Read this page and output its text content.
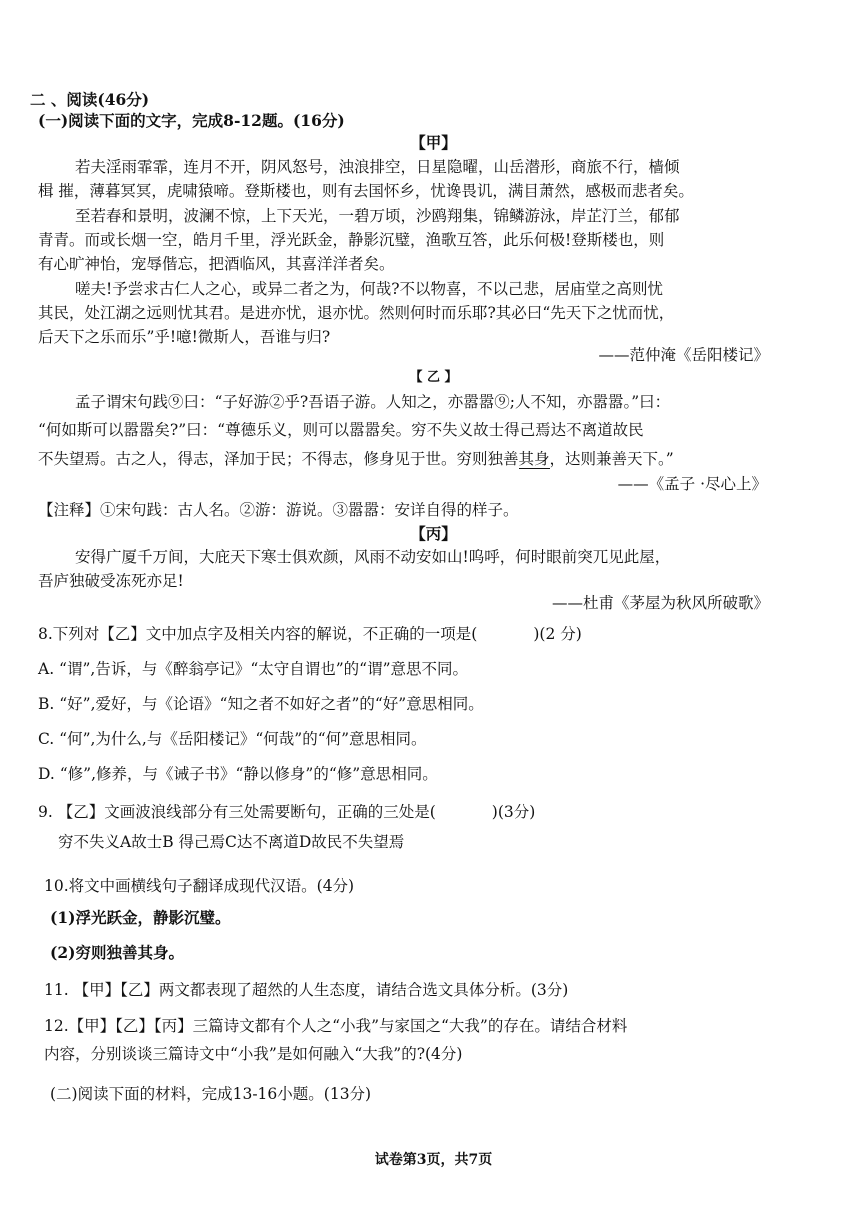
二 、阅读(46分)
(一)阅读下面的文字，完成8-12题。(16分)
【甲】
若夫淫雨霏霏，连月不开，阴风怒号，浊浪排空，日星隐曜，山岳潜形，商旅不行，樯倾
楫 摧，薄暮冥冥，虎啸猿啼。登斯楼也，则有去国怀乡，忧谗畏讥，满目萧然，感极而悲者矣。
至若春和景明，波澜不惊，上下天光，一碧万顷，沙鸥翔集，锦鳞游泳，岸芷汀兰，郁郁
青青。而或长烟一空，皓月千里，浮光跃金，静影沉璧，渔歌互答，此乐何极!登斯楼也，则
有心旷神怡，宠辱偕忘，把酒临风，其喜洋洋者矣。
嗟夫!予尝求古仁人之心，或异二者之为，何哉?不以物喜，不以己悲，居庙堂之高则忧
其民，处江湖之远则忧其君。是进亦忧，退亦忧。然则何时而乐耶?其必曰“先天下之忧而忧，
后天下之乐而乐”乎!噫!微斯人，吾谁与归?
——范仲淹《岳阳楼记》
【 乙 】
孟子谓宋句践⑨曰：“子好游②乎?吾语子游。人知之，亦嚣嚣⑨;人不知，亦嚣嚣。”曰：
“何如斯可以嚣嚣矣?”曰：“尊德乐义，则可以嚣嚣矣。穷不失义故士得己焉达不离道故民
不失望焉。古之人，得志，泽加于民；不得志，修身见于世。穷则独善其身，达则兼善天下。”
——《孟子 ·尽心上》
【注释】①宋句践：古人名。②游：游说。③嚣嚣：安详自得的样子。
【丙】
安得广厦千万间，大庇天下寒士俱欢颜，风雨不动安如山!呜呼，何时眼前突兀见此屋，
吾庐独破受冻死亦足!
——杜甫《茅屋为秋风所破歌》
8.下列对【乙】文中加点字及相关内容的解说，不正确的一项是(	)(2 分)
A. “谓”,告诉，与《醉翁亭记》“太守自谓也”的“谓”意思不同。
B. “好”,爱好，与《论语》“知之者不如好之者”的“好”意思相同。
C. “何”,为什么,与《岳阳楼记》“何哉”的“何”意思相同。
D. “修”,修养，与《诫子书》“静以修身”的“修”意思相同。
9. 【乙】文画波浪线部分有三处需要断句，正确的三处是(	)(3分)
穷不失义A故士B 得己焉C达不离道D故民不失望焉
10.将文中画横线句子翻译成现代汉语。(4分)
(1)浮光跃金，静影沉璧。
(2)穷则独善其身。
11. 【甲】【乙】两文都表现了超然的人生态度，请结合选文具体分析。(3分)
12.【甲】【乙】【丙】三篇诗文都有个人之“小我”与家国之“大我”的存在。请结合材料
内容，分别谈谈三篇诗文中“小我”是如何融入“大我”的?(4分)
(二)阅读下面的材料，完成13-16小题。(13分)
试卷第3页，共7页
